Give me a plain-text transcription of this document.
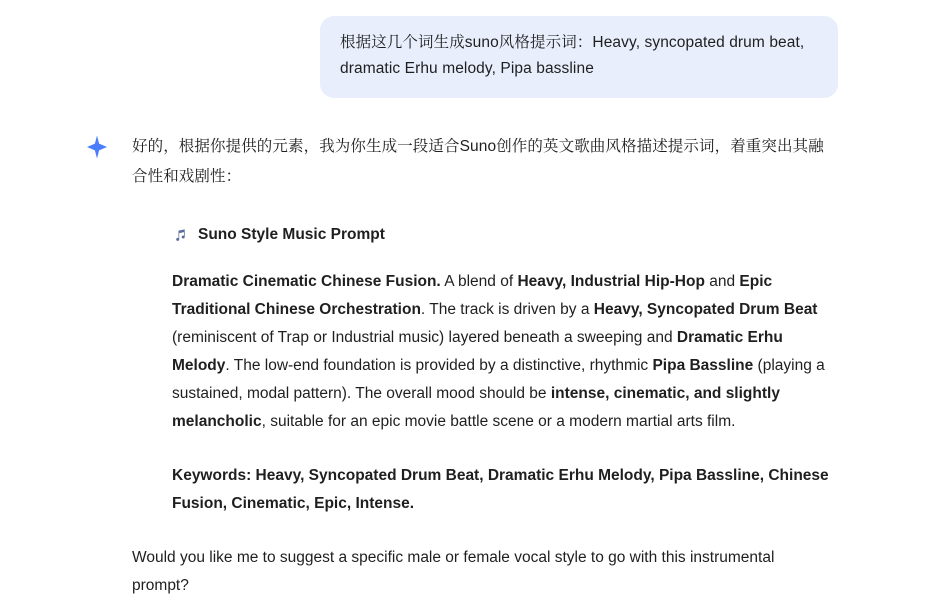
根据这几个词生成suno风格提示词：Heavy, syncopated drum beat, dramatic Erhu melody, Pipa bassline

好的，根据你提供的元素，我为你生成一段适合Suno创作的英文歌曲风格描述提示词，着重突出其融合性和戏剧性：

Suno Style Music Prompt

Dramatic Cinematic Chinese Fusion. A blend of Heavy, Industrial Hip-Hop and Epic Traditional Chinese Orchestration. The track is driven by a Heavy, Syncopated Drum Beat (reminiscent of Trap or Industrial music) layered beneath a sweeping and Dramatic Erhu Melody. The low-end foundation is provided by a distinctive, rhythmic Pipa Bassline (playing a sustained, modal pattern). The overall mood should be intense, cinematic, and slightly melancholic, suitable for an epic movie battle scene or a modern martial arts film.

Keywords: Heavy, Syncopated Drum Beat, Dramatic Erhu Melody, Pipa Bassline, Chinese Fusion, Cinematic, Epic, Intense.

Would you like me to suggest a specific male or female vocal style to go with this instrumental prompt?
